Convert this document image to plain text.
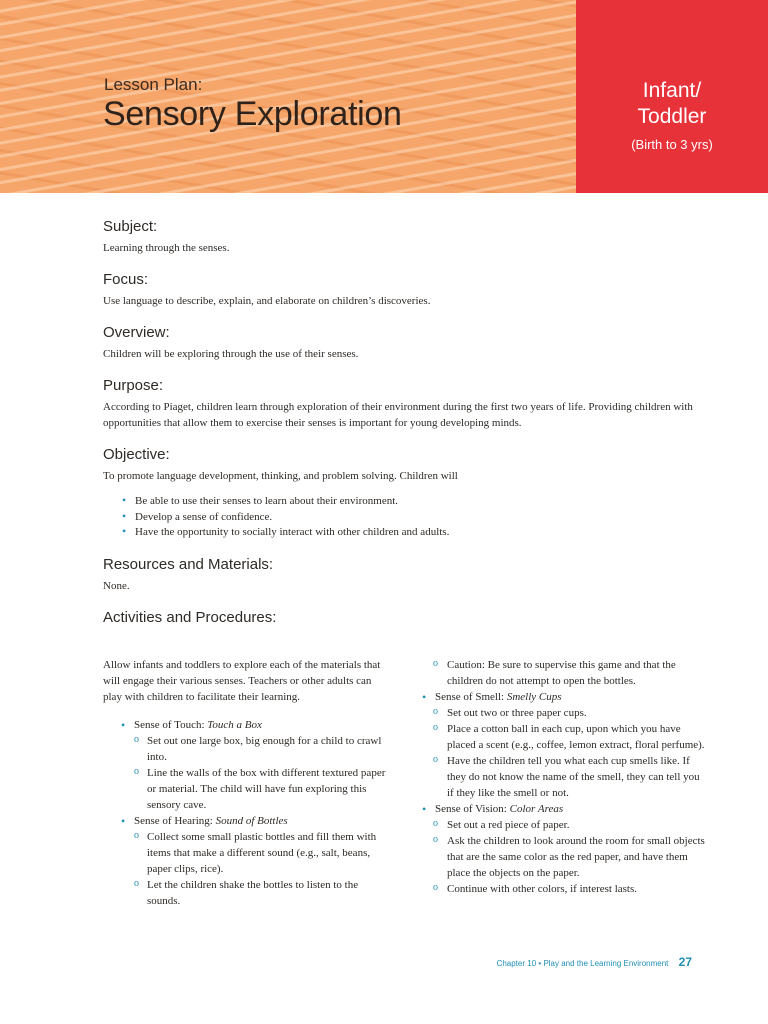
Lesson Plan:
Sensory Exploration
Infant/
Toddler
(Birth to 3 yrs)
Subject:

Learning through the senses.

Focus:

Use language to describe, explain, and elaborate on children’s discoveries.

Overview:

Children will be exploring through the use of their senses.

Purpose:

According to Piaget, children learn through exploration of their environment during the first two years of life. Providing children with opportunities that allow them to exercise their senses is important for young developing minds.

Objective:

To promote language development, thinking, and problem solving. Children will

• Be able to use their senses to learn about their environment.
• Develop a sense of confidence.
• Have the opportunity to socially interact with other children and adults.
Resources and Materials:

None.

Activities and Procedures:

Allow infants and toddlers to explore each of the materials that will engage their various senses. Teachers or other adults can play with children to facilitate their learning.

• Sense of Touch: Touch a Box
o Set out one large box, big enough for a child to crawl into.
o Line the walls of the box with different textured paper or material. The child will have fun exploring this sensory cave.
• Sense of Hearing: Sound of Bottles
o Collect some small plastic bottles and fill them with items that make a different sound (e.g., salt, beans, paper clips, rice).
o Let the children shake the bottles to listen to the sounds.
o Caution: Be sure to supervise this game and that the children do not attempt to open the bottles.
• Sense of Smell: Smelly Cups
o Set out two or three paper cups.
o Place a cotton ball in each cup, upon which you have placed a scent (e.g., coffee, lemon extract, floral perfume).
o Have the children tell you what each cup smells like. If they do not know the name of the smell, they can tell you if they like the smell or not.
• Sense of Vision: Color Areas
o Set out a red piece of paper.
o Ask the children to look around the room for small objects that are the same color as the red paper, and have them place the objects on the paper.
o Continue with other colors, if interest lasts.
Chapter 10 • Play and the Learning Environment 27
